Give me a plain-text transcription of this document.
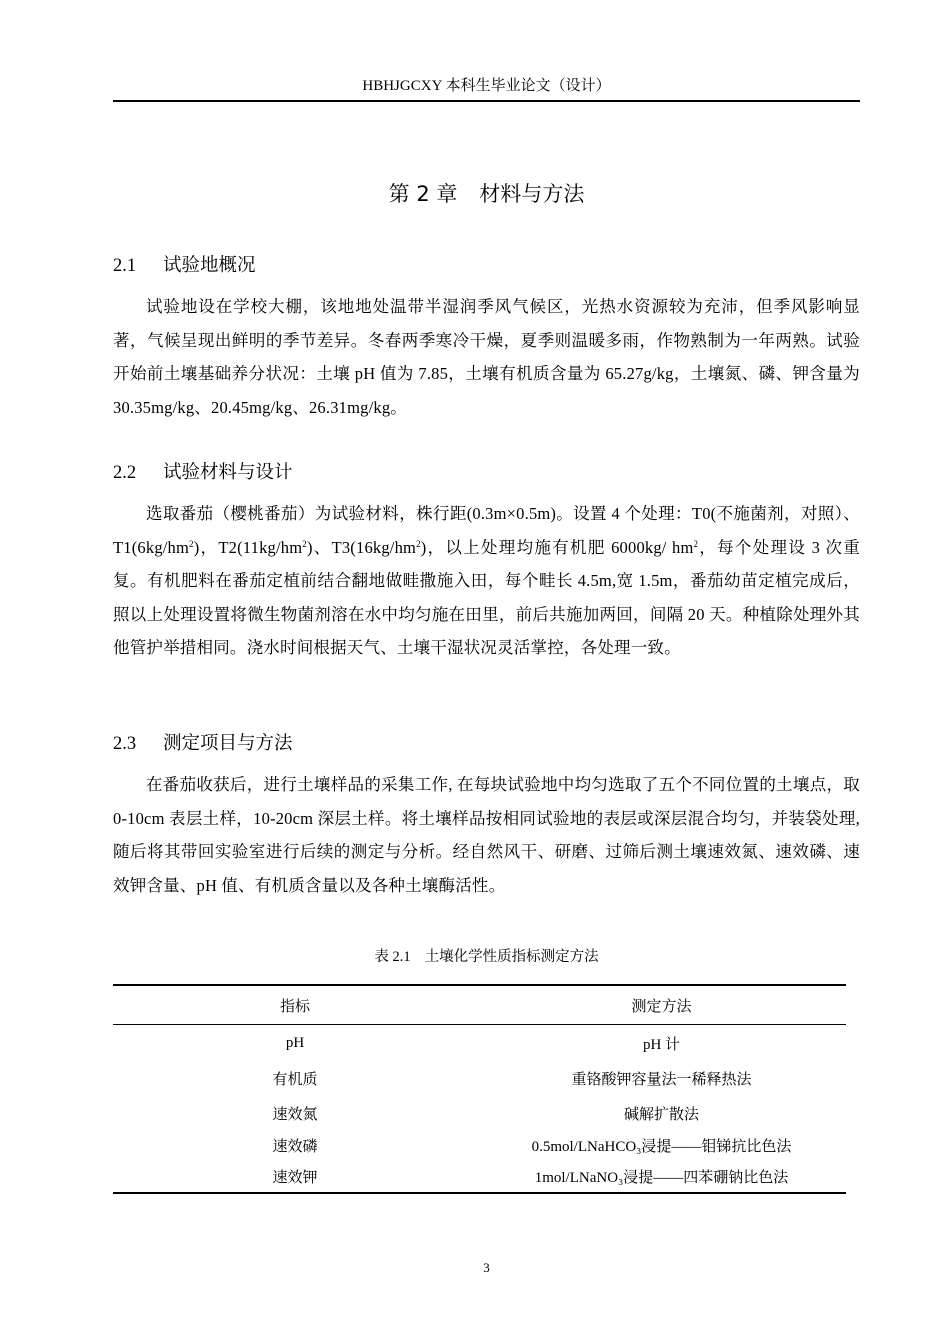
HBHJGCXY 本科生毕业论文（设计）
第 2 章 材料与方法
2.1 试验地概况
试验地设在学校大棚，该地地处温带半湿润季风气候区，光热水资源较为充沛，但季风影响显著，气候呈现出鲜明的季节差异。冬春两季寒冷干燥，夏季则温暖多雨，作物熟制为一年两熟。试验开始前土壤基础养分状况：土壤 pH 值为 7.85，土壤有机质含量为 65.27g/kg，土壤氮、磷、钾含量为 30.35mg/kg、20.45mg/kg、26.31mg/kg。
2.2 试验材料与设计
选取番茄（樱桃番茄）为试验材料，株行距(0.3m×0.5m)。设置 4 个处理：T0(不施菌剂，对照）、$T1(6kg/hm^2)$，$T2(11kg/hm^2)$、$T3(16kg/hm^2)$，以上处理均施有机肥 6000kg/ $hm^2$，每个处理设 3 次重复。有机肥料在番茄定植前结合翻地做畦撒施入田，每个畦长 4.5m,宽 1.5m，番茄幼苗定植完成后，照以上处理设置将微生物菌剂溶在水中均匀施在田里，前后共施加两回，间隔 20 天。种植除处理外其他管护举措相同。浇水时间根据天气、土壤干湿状况灵活掌控，各处理一致。
2.3 测定项目与方法
在番茄收获后，进行土壤样品的采集工作, 在每块试验地中均匀选取了五个不同位置的土壤点，取 0-10cm 表层土样，10-20cm 深层土样。将土壤样品按相同试验地的表层或深层混合均匀，并装袋处理, 随后将其带回实验室进行后续的测定与分析。经自然风干、研磨、过筛后测土壤速效氮、速效磷、速效钾含量、pH 值、有机质含量以及各种土壤酶活性。
表 2.1 土壤化学性质指标测定方法
指标	测定方法
pH	pH 计
有机质	重铬酸钾容量法一稀释热法
速效氮	碱解扩散法
速效磷	0.5mol/LNaHCO₃浸提——钼锑抗比色法
速效钾	1mol/LNaNO₃浸提——四苯硼钠比色法
3
